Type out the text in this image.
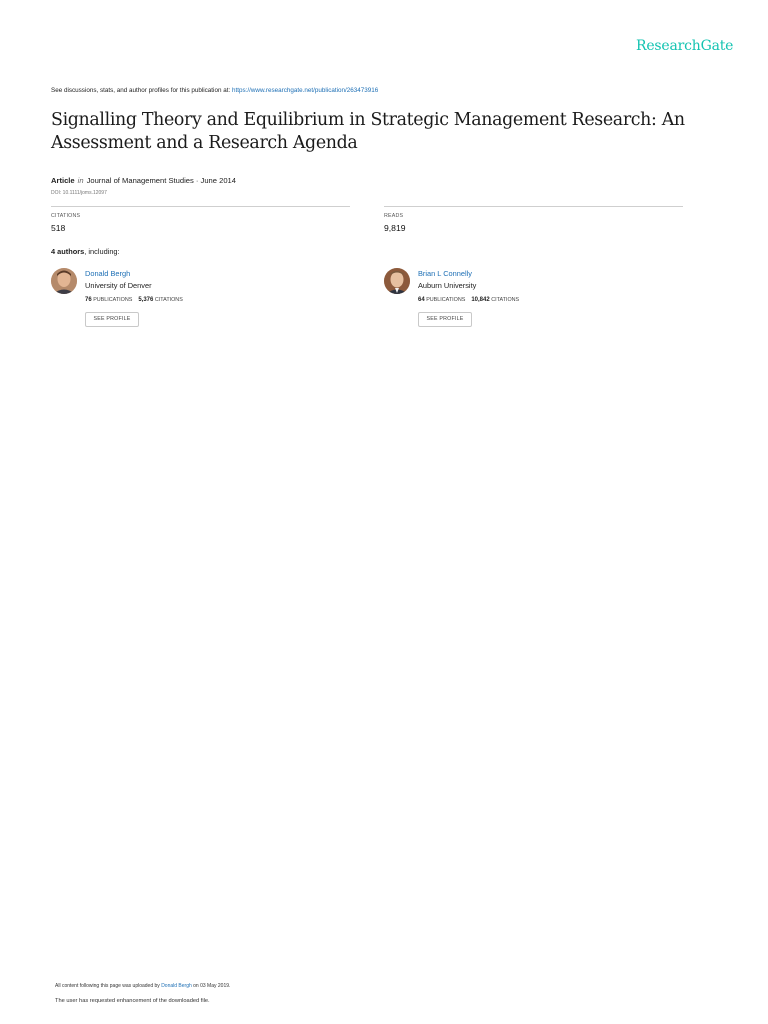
ResearchGate
See discussions, stats, and author profiles for this publication at: https://www.researchgate.net/publication/263473916
Signalling Theory and Equilibrium in Strategic Management Research: An Assessment and a Research Agenda
Article in Journal of Management Studies · June 2014
DOI: 10.1111/joms.12097
CITATIONS
518
READS
9,819
4 authors, including:
Donald Bergh
University of Denver
76 PUBLICATIONS 5,376 CITATIONS
SEE PROFILE
Brian L Connelly
Auburn University
64 PUBLICATIONS 10,842 CITATIONS
SEE PROFILE
All content following this page was uploaded by Donald Bergh on 03 May 2019.
The user has requested enhancement of the downloaded file.
